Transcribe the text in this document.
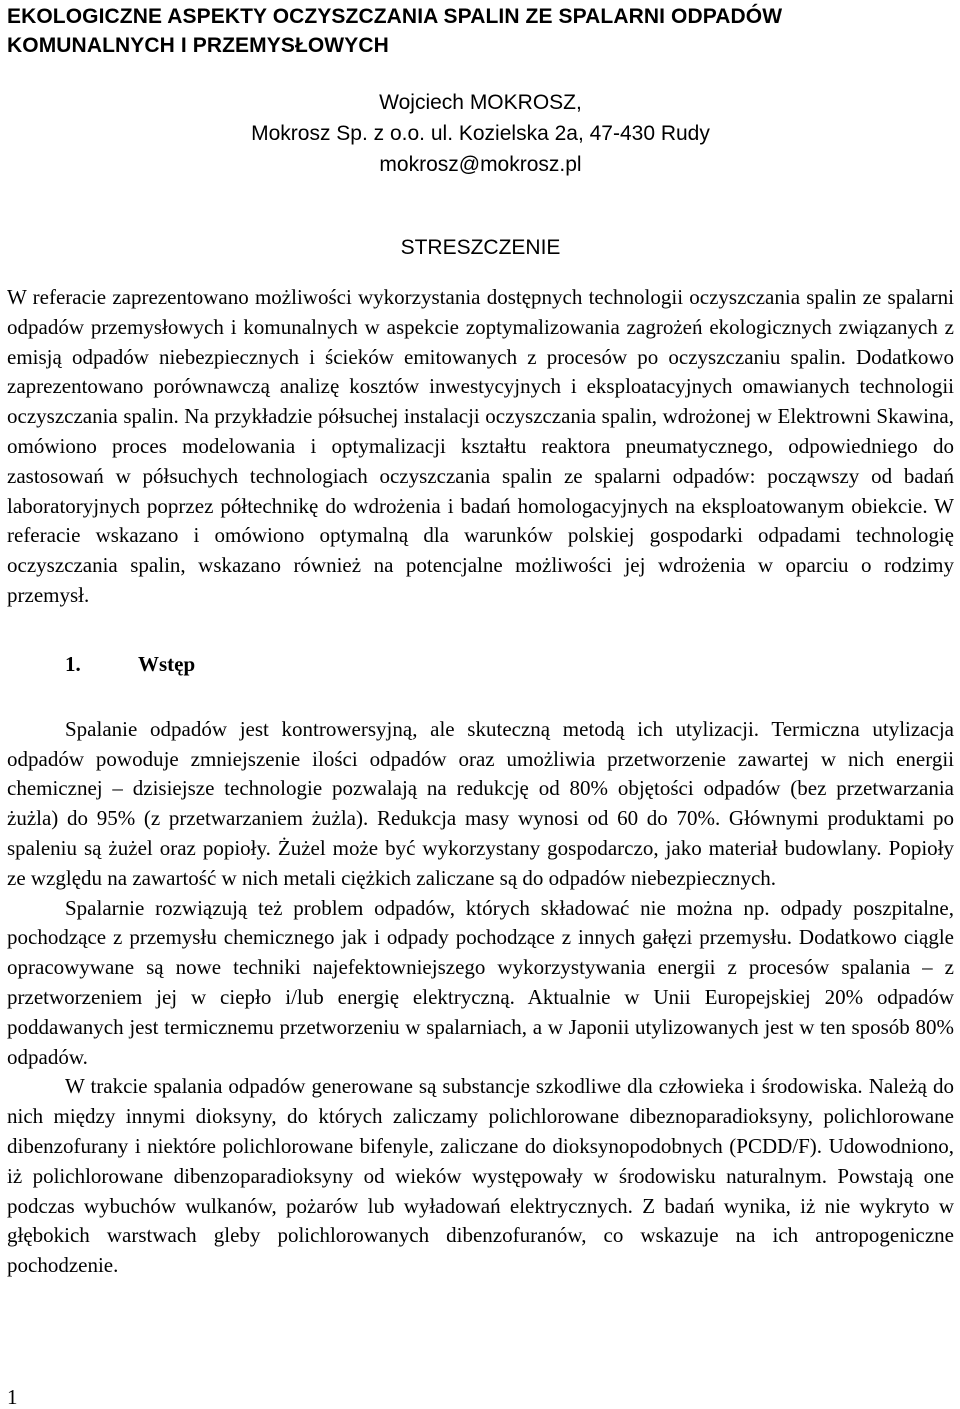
EKOLOGICZNE ASPEKTY OCZYSZCZANIA SPALIN ZE SPALARNI ODPADÓW
KOMUNALNYCH I PRZEMYSŁOWYCH
Wojciech MOKROSZ,
Mokrosz Sp. z o.o. ul. Kozielska 2a, 47-430 Rudy
mokrosz@mokrosz.pl
STRESZCZENIE

W referacie zaprezentowano możliwości wykorzystania dostępnych technologii oczyszczania spalin ze spalarni odpadów przemysłowych i komunalnych w aspekcie zoptymalizowania zagrożeń ekologicznych związanych z emisją odpadów niebezpiecznych i ścieków emitowanych z procesów po oczyszczaniu spalin. Dodatkowo zaprezentowano porównawczą analizę kosztów inwestycyjnych i eksploatacyjnych omawianych technologii oczyszczania spalin. Na przykładzie półsuchej instalacji oczyszczania spalin, wdrożonej w Elektrowni Skawina, omówiono proces modelowania i optymalizacji kształtu reaktora pneumatycznego, odpowiedniego do zastosowań w półsuchych technologiach oczyszczania spalin ze spalarni odpadów: począwszy od badań laboratoryjnych poprzez półtechnikę do wdrożenia i badań homologacyjnych na eksploatowanym obiekcie. W referacie wskazano i omówiono optymalną dla warunków polskiej gospodarki odpadami technologię oczyszczania spalin, wskazano również na potencjalne możliwości jej wdrożenia w oparciu o rodzimy przemysł.

1.	Wstęp

Spalanie odpadów jest kontrowersyjną, ale skuteczną metodą ich utylizacji. Termiczna utylizacja odpadów powoduje zmniejszenie ilości odpadów oraz umożliwia przetworzenie zawartej w nich energii chemicznej – dzisiejsze technologie pozwalają na redukcję od 80% objętości odpadów (bez przetwarzania żużla) do 95% (z przetwarzaniem żużla). Redukcja masy wynosi od 60 do 70%. Głównymi produktami po spaleniu są żużel oraz popioły. Żużel może być wykorzystany gospodarczo, jako materiał budowlany. Popioły ze względu na zawartość w nich metali ciężkich zaliczane są do odpadów niebezpiecznych.

Spalarnie rozwiązują też problem odpadów, których składować nie można np. odpady poszpitalne, pochodzące z przemysłu chemicznego jak i odpady pochodzące z innych gałęzi przemysłu. Dodatkowo ciągle opracowywane są nowe techniki najefektowniejszego wykorzystywania energii z procesów spalania – z przetworzeniem jej w ciepło i/lub energię elektryczną. Aktualnie w Unii Europejskiej 20% odpadów poddawanych jest termicznemu przetworzeniu w spalarniach, a w Japonii utylizowanych jest w ten sposób 80% odpadów.

W trakcie spalania odpadów generowane są substancje szkodliwe dla człowieka i środowiska. Należą do nich między innymi dioksyny, do których zaliczamy polichlorowane dibeznoparadioksyny, polichlorowane dibenzofurany i niektóre polichlorowane bifenyle, zaliczane do dioksynopodobnych (PCDD/F). Udowodniono, iż polichlorowane dibenzoparadioksyny od wieków występowały w środowisku naturalnym. Powstają one podczas wybuchów wulkanów, pożarów lub wyładowań elektrycznych. Z badań wynika, iż nie wykryto w głębokich warstwach gleby polichlorowanych dibenzofuranów, co wskazuje na ich antropogeniczne pochodzenie.

1
